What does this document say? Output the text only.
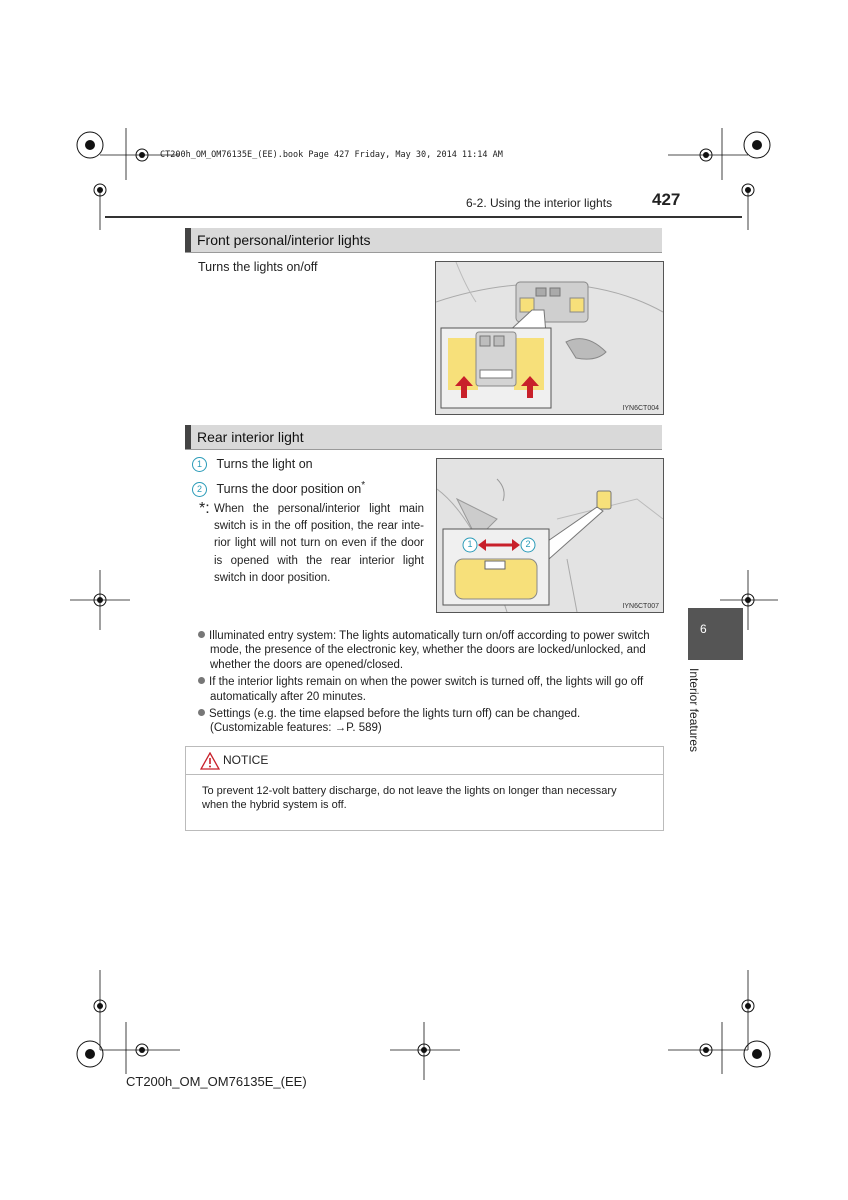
CT200h_OM_OM76135E_(EE).book Page 427 Friday, May 30, 2014 11:14 AM
6-2. Using the interior lights 427
Front personal/interior lights
Turns the lights on/off
IYN6CT004
Rear interior light
1 Turns the light on
2 Turns the door position on*
*: When the personal/interior light main
switch is in the off position, the rear inte-
rior light will not turn on even if the door
is opened with the rear interior light
switch in door position.
1	2
IYN6CT007
Illuminated entry system: The lights automatically turn on/off according to power switch
mode, the presence of the electronic key, whether the doors are locked/unlocked, and
whether the doors are opened/closed.
If the interior lights remain on when the power switch is turned off, the lights will go off
automatically after 20 minutes.
Settings (e.g. the time elapsed before the lights turn off) can be changed.
(Customizable features: →P. 589)
NOTICE
To prevent 12-volt battery discharge, do not leave the lights on longer than necessary
when the hybrid system is off.
6
Interior features
CT200h_OM_OM76135E_(EE)
